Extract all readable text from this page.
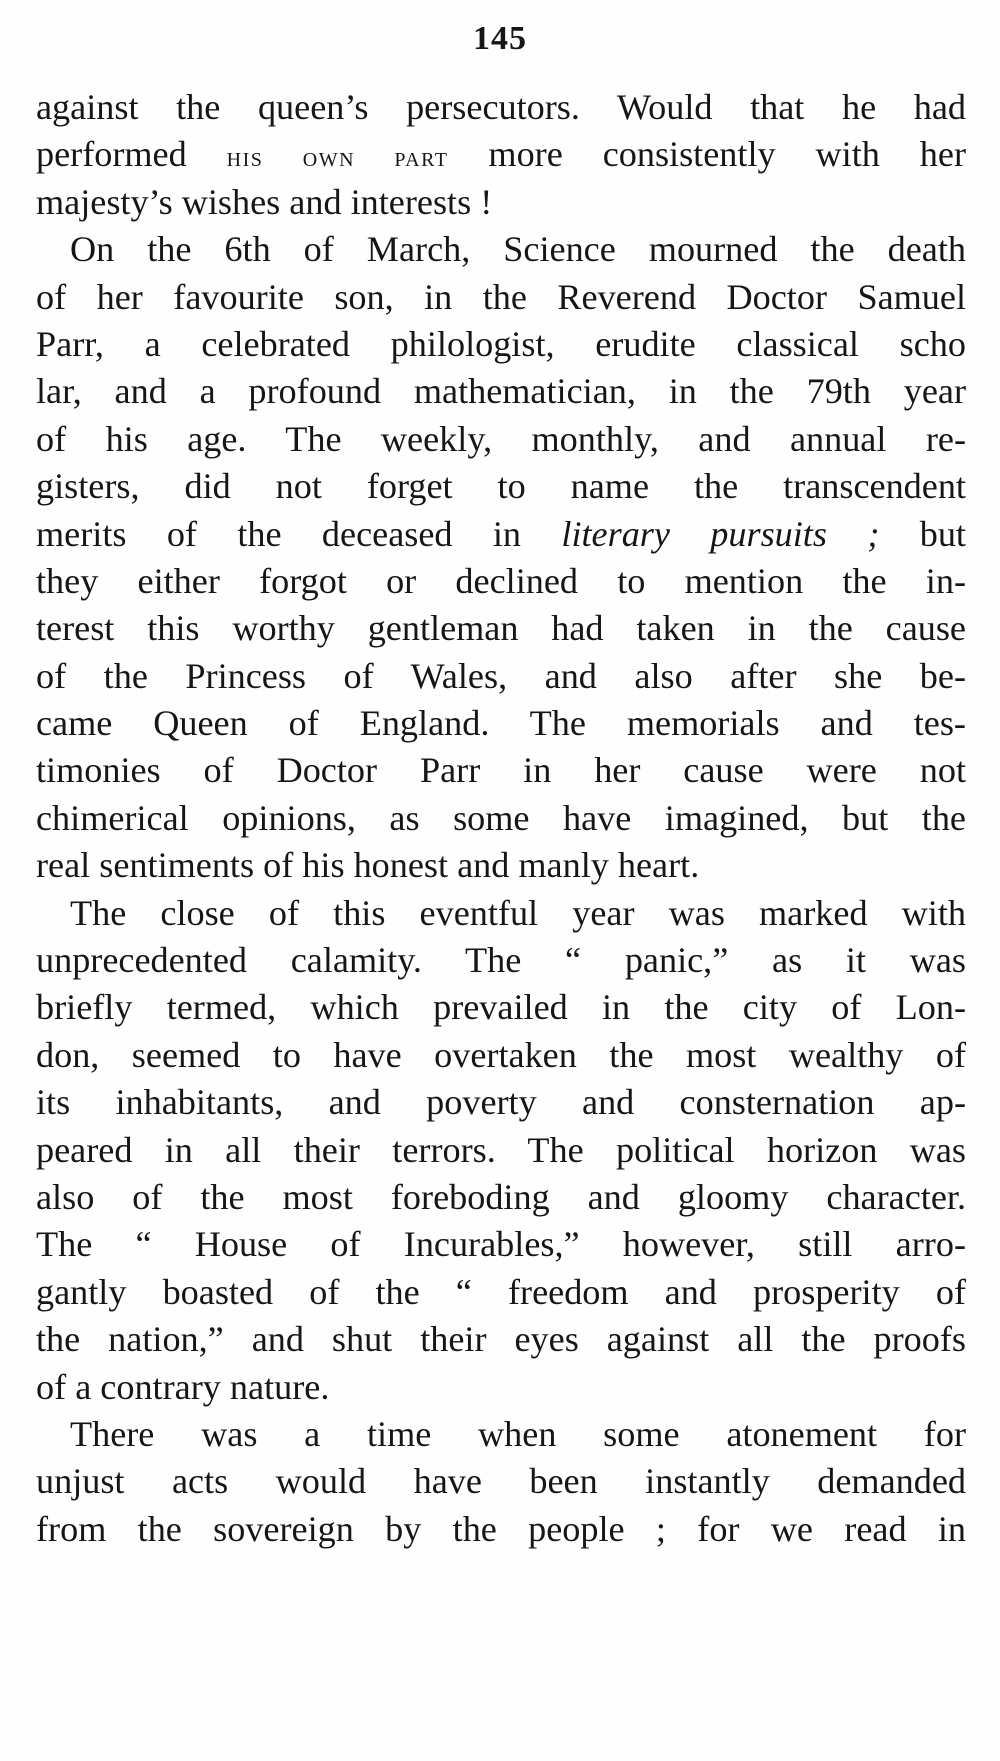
145
against the queen’s persecutors. Would that he had
performed his own part more consistently with her
majesty’s wishes and interests !
On the 6th of March, Science mourned the death
of her favourite son, in the Reverend Doctor Samuel
Parr, a celebrated philologist, erudite classical scho
lar, and a profound mathematician, in the 79th year
of his age. The weekly, monthly, and annual re-
gisters, did not forget to name the transcendent
merits of the deceased in literary pursuits ; but
they either forgot or declined to mention the in-
terest this worthy gentleman had taken in the cause
of the Princess of Wales, and also after she be-
came Queen of England. The memorials and tes-
timonies of Doctor Parr in her cause were not
chimerical opinions, as some have imagined, but the
real sentiments of his honest and manly heart.
The close of this eventful year was marked with
unprecedented calamity. The “ panic,” as it was
briefly termed, which prevailed in the city of Lon-
don, seemed to have overtaken the most wealthy of
its inhabitants, and poverty and consternation ap-
peared in all their terrors. The political horizon was
also of the most foreboding and gloomy character.
The “ House of Incurables,” however, still arro-
gantly boasted of the “ freedom and prosperity of
the nation,” and shut their eyes against all the proofs
of a contrary nature.
There was a time when some atonement for
unjust acts would have been instantly demanded
from the sovereign by the people ; for we read in
